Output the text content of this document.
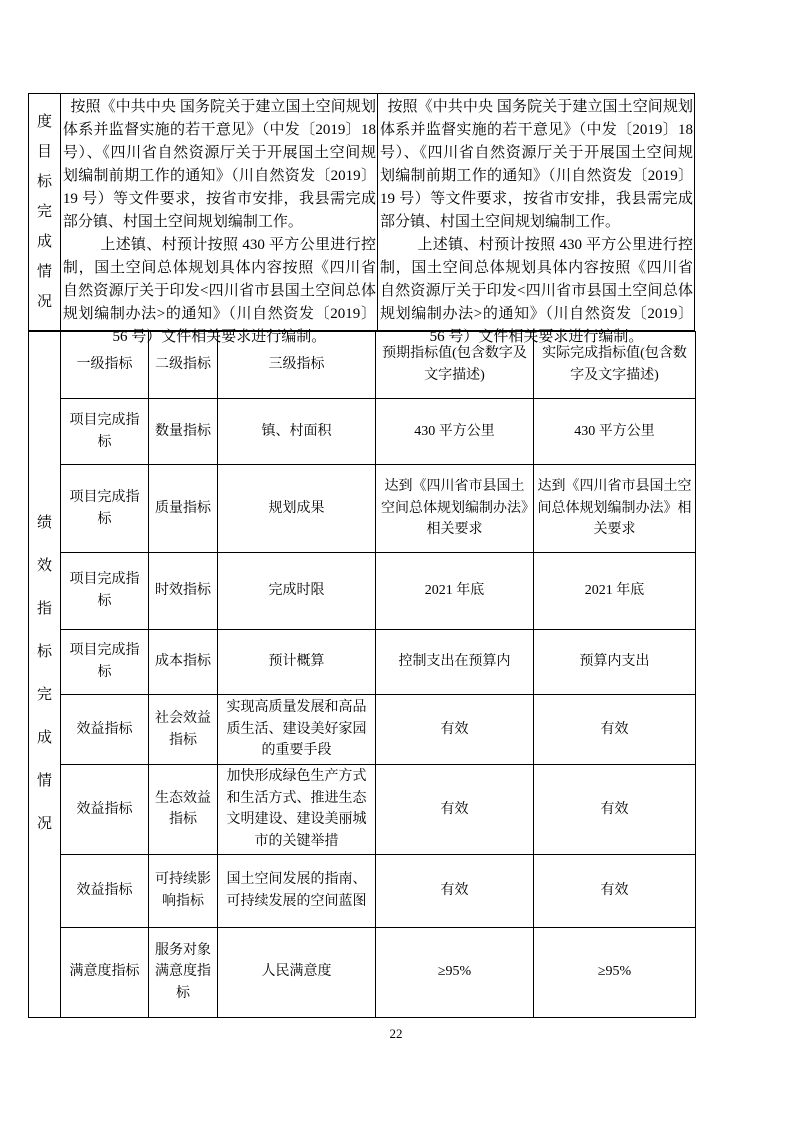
度目标完成情况

按照《中共中央 国务院关于建立国土空间规划体系并监督实施的若干意见》（中发〔2019〕18 号）、《四川省自然资源厅关于开展国土空间规划编制前期工作的通知》（川自然资发〔2019〕19 号）等文件要求，按省市安排，我县需完成部分镇、村国土空间规划编制工作。

上述镇、村预计按照 430 平方公里进行控制，国土空间总体规划具体内容按照《四川省自然资源厅关于印发<四川省市县国土空间总体规划编制办法>的通知》（川自然资发〔2019〕56 号）文件相关要求进行编制。

按照《中共中央 国务院关于建立国土空间规划体系并监督实施的若干意见》（中发〔2019〕18 号）、《四川省自然资源厅关于开展国土空间规划编制前期工作的通知》（川自然资发〔2019〕19 号）等文件要求，按省市安排，我县需完成部分镇、村国土空间规划编制工作。

上述镇、村预计按照 430 平方公里进行控制，国土空间总体规划具体内容按照《四川省自然资源厅关于印发<四川省市县国土空间总体规划编制办法>的通知》（川自然资发〔2019〕56 号）文件相关要求进行编制。

绩效指标完成情况	一级指标	二级指标	三级指标	预期指标值(包含数字及文字描述)	实际完成指标值(包含数字及文字描述)
	项目完成指标	数量指标	镇、村面积	430 平方公里	430 平方公里
	项目完成指标	质量指标	规划成果	达到《四川省市县国土空间总体规划编制办法》相关要求	达到《四川省市县国土空间总体规划编制办法》相关要求
	项目完成指标	时效指标	完成时限	2021 年底	2021 年底
	项目完成指标	成本指标	预计概算	控制支出在预算内	预算内支出
	效益指标	社会效益指标	实现高质量发展和高品质生活、建设美好家园的重要手段	有效	有效
	效益指标	生态效益指标	加快形成绿色生产方式和生活方式、推进生态文明建设、建设美丽城市的关键举措	有效	有效
	效益指标	可持续影响指标	国土空间发展的指南、可持续发展的空间蓝图	有效	有效
	满意度指标	服务对象满意度指标	人民满意度	≥95%	≥95%
22
